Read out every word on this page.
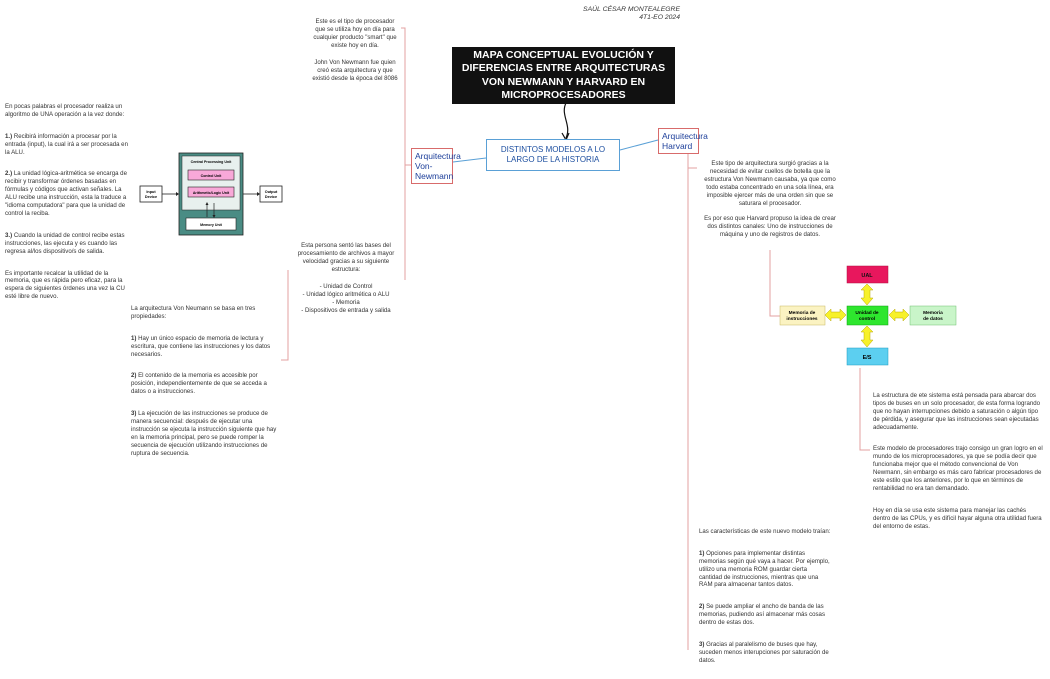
SAÚL CÉSAR MONTEALEGRE
4T1-EO 2024
MAPA CONCEPTUAL EVOLUCIÓN Y DIFERENCIAS ENTRE ARQUITECTURAS VON NEWMANN Y HARVARD EN MICROPROCESADORES
DISTINTOS MODELOS A LO LARGO DE LA HISTORIA
Arquitectura Von-Newmann
Arquitectura Harvard
Este es el tipo de procesador que se utiliza hoy en día para cualquier producto "smart" que existe hoy en día.
John Von Newmann fue quien creó esta arquitectura y que existió desde la época del 8086
Esta persona sentó las bases del procesamiento de archivos a mayor velocidad gracias a su siguiente estructura:
- Unidad de Control
- Unidad lógico aritmética o ALU
- Memoria
- Dispositivos de entrada y salida

En pocas palabras el procesador realiza un algoritmo de UNA operación a la vez donde:

1.) Recibirá información a procesar por la entrada (input), la cual irá a ser procesada en la ALU.

2.) La unidad lógica-aritmética se encarga de recibir y transformar órdenes basadas en fórmulas y códigos que activan señales. La ALU recibe una instrucción, esta la traduce a "idioma computadora" para que la unidad de control la reciba.

3.) Cuando la unidad de control recibe estas instrucciones, las ejecuta y es cuando las regresa al/los dispositivo/s de salida.

Es importante recalcar la utilidad de la memoria, que es rápida pero eficaz, para la espera de siguientes órdenes una vez la CU esté libre de nuevo.

La arquitectura Von Neumann se basa en tres propiedades:

1) Hay un único espacio de memoria de lectura y escritura, que contiene las instrucciones y los datos necesarios.

2) El contenido de la memoria es accesible por posición, independientemente de que se acceda a datos o a instrucciones.

3) La ejecución de las instrucciones se produce de manera secuencial: después de ejecutar una instrucción se ejecuta la instrucción siguiente que hay en la memoria principal, pero se puede romper la secuencia de ejecución utilizando instrucciones de ruptura de secuencia.

Input
Device
Central Processing Unit
Control Unit
Arithmetic/Logic Unit
Memory Unit
Output
Device
Este tipo de arquitectura surgió gracias a la necesidad de evitar cuellos de botella que la estructura Von Newmann causaba, ya que como todo estaba concentrado en una sola línea, era imposible ejercer más de una orden sin que se saturara el procesador.
Es por eso que Harvard propuso la idea de crear dos distintos canales: Uno de instrucciones de máquina y uno de registros de datos.
UAL
Unidad de
control
Memoria de
instrucciones
Memoria
de datos
E/S

La estructura de ete sistema está pensada para abarcar dos tipos de buses en un solo procesador, de esta forma logrando que no hayan interrupciones debido a saturación o algún tipo de pérdida, y asegurar que las instrucciones sean ejecutadas adecuadamente.

Este modelo de procesadores trajo consigo un gran logro en el mundo de los microprocesadores, ya que se podía decir que funcionaba mejor que el método convencional de Von Newmann, sin embargo es más caro fabricar procesadores de este estilo que los anteriores, por lo que en términos de rentabilidad no era tan demandado.

Hoy en día se usa este sistema para manejar las cachés dentro de las CPUs, y es difícil hayar alguna otra utilidad fuera del entorno de estas.

Las características de este nuevo modelo traían:

1) Opciones para implementar distintas memorias según qué vaya a hacer. Por ejemplo, utilizo una memoria ROM guardar cierta cantidad de instrucciones, mientras que una RAM para almacenar tantos datos.

2) Se puede ampliar el ancho de banda de las memorias, pudiendo así almacenar más cosas dentro de estas dos.

3) Gracias al paralelismo de buses que hay, suceden menos interupciones por saturación de datos.
